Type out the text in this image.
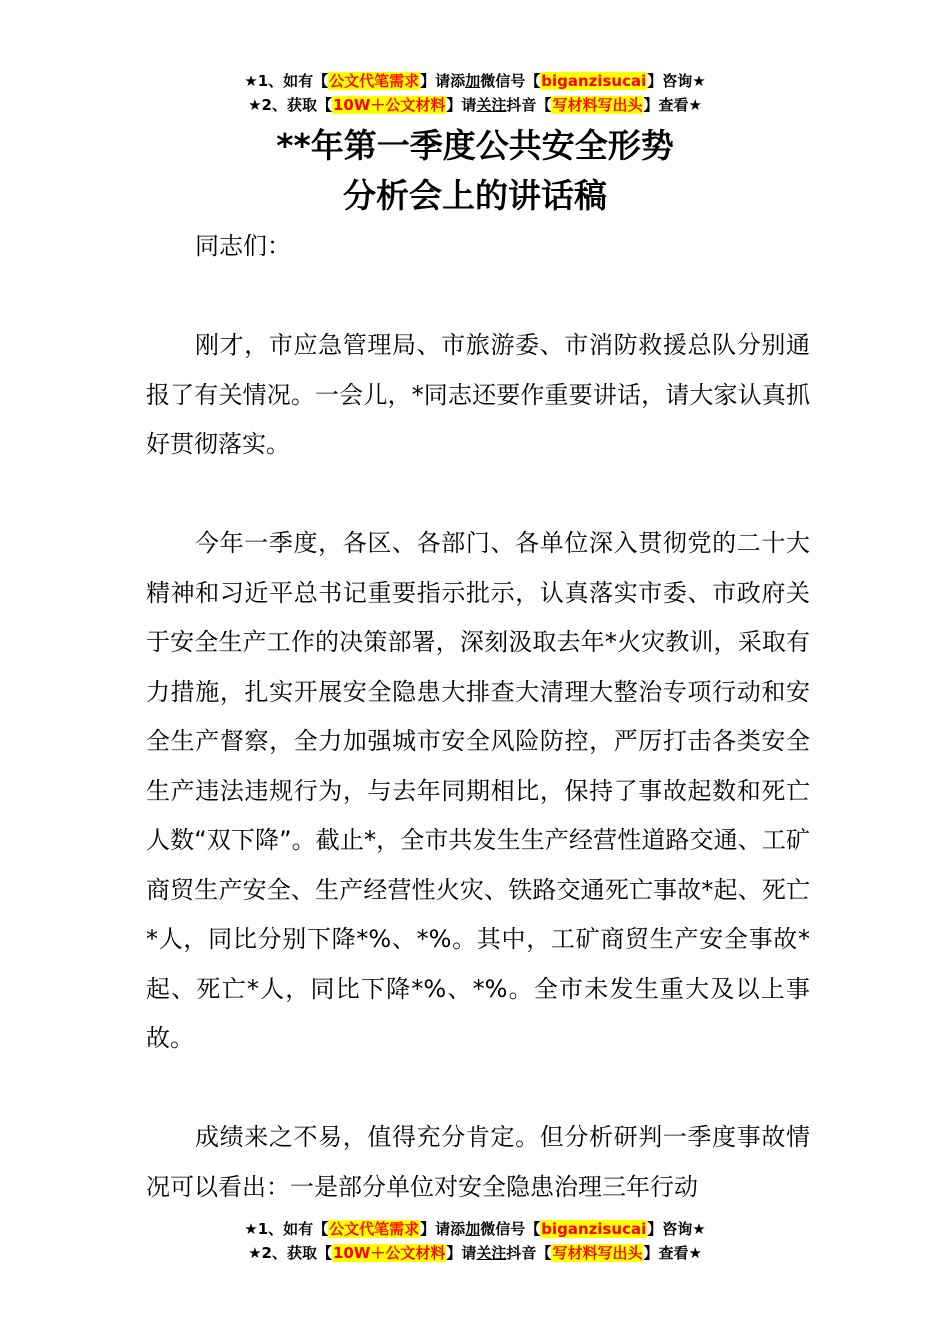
★1、如有【公文代笔需求】请添加微信号【biganzisucai】咨询★
★2、获取【10W＋公文材料】请关注抖音【写材料写出头】查看★
**年第一季度公共安全形势
分析会上的讲话稿

同志们：

刚才，市应急管理局、市旅游委、市消防救援总队分别通报了有关情况。一会儿，*同志还要作重要讲话，请大家认真抓好贯彻落实。

今年一季度，各区、各部门、各单位深入贯彻党的二十大精神和习近平总书记重要指示批示，认真落实市委、市政府关于安全生产工作的决策部署，深刻汲取去年*火灾教训，采取有力措施，扎实开展安全隐患大排查大清理大整治专项行动和安全生产督察，全力加强城市安全风险防控，严厉打击各类安全生产违法违规行为，与去年同期相比，保持了事故起数和死亡人数“双下降”。截止*，全市共发生生产经营性道路交通、工矿商贸生产安全、生产经营性火灾、铁路交通死亡事故*起、死亡*人，同比分别下降*%、*%。其中，工矿商贸生产安全事故*起、死亡*人，同比下降*%、*%。全市未发生重大及以上事故。

成绩来之不易，值得充分肯定。但分析研判一季度事故情况可以看出：一是部分单位对安全隐患治理三年行动

★1、如有【公文代笔需求】请添加微信号【biganzisucai】咨询★
★2、获取【10W＋公文材料】请关注抖音【写材料写出头】查看★
